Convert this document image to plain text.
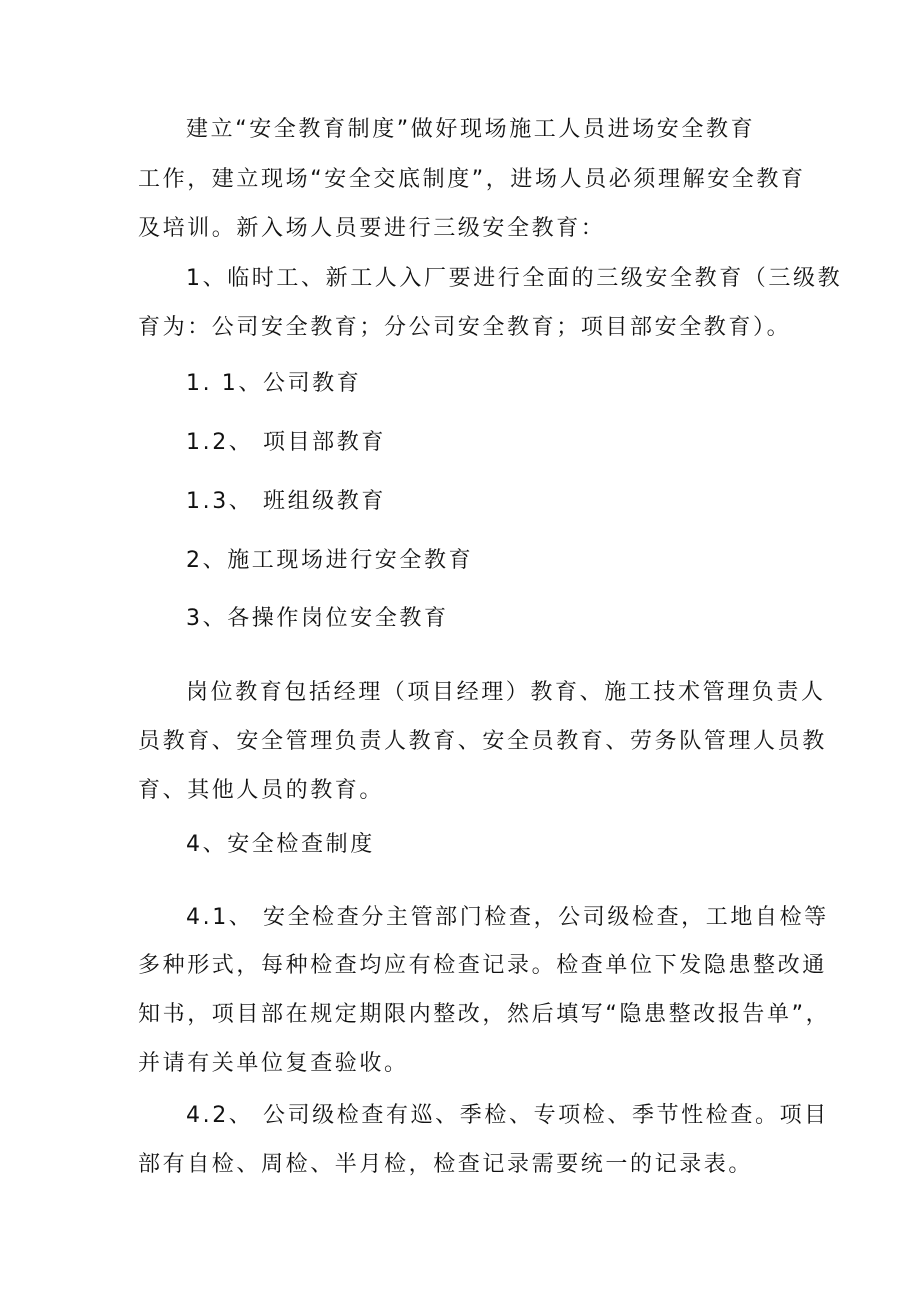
建立“安全教育制度”做好现场施工人员进场安全教育
工作，建立现场“安全交底制度”，进场人员必须理解安全教育
及培训。新入场人员要进行三级安全教育：
1、临时工、新工人入厂要进行全面的三级安全教育（三级教
育为：公司安全教育；分公司安全教育；项目部安全教育）。
1. 1、公司教育
1.2、 项目部教育
1.3、 班组级教育
2、施工现场进行安全教育
3、各操作岗位安全教育
岗位教育包括经理（项目经理）教育、施工技术管理负责人
员教育、安全管理负责人教育、安全员教育、劳务队管理人员教
育、其他人员的教育。
4、安全检查制度
4.1、 安全检查分主管部门检查，公司级检查，工地自检等
多种形式，每种检查均应有检查记录。检查单位下发隐患整改通
知书，项目部在规定期限内整改，然后填写“隐患整改报告单”，
并请有关单位复查验收。
4.2、 公司级检查有巡、季检、专项检、季节性检查。项目
部有自检、周检、半月检，检查记录需要统一的记录表。
